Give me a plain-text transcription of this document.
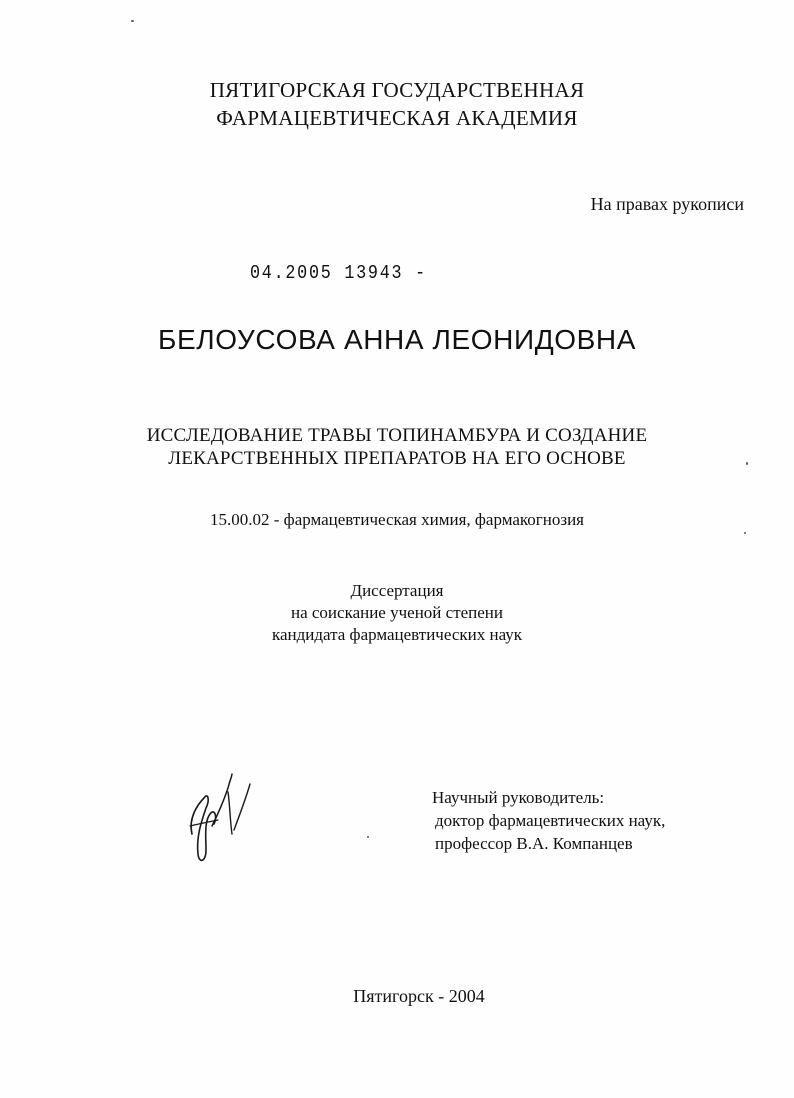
ПЯТИГОРСКАЯ ГОСУДАРСТВЕННАЯ
ФАРМАЦЕВТИЧЕСКАЯ АКАДЕМИЯ
На правах рукописи
04.2005 13943 -
БЕЛОУСОВА АННА ЛЕОНИДОВНА
ИССЛЕДОВАНИЕ ТРАВЫ ТОПИНАМБУРА И СОЗДАНИЕ
ЛЕКАРСТВЕННЫХ ПРЕПАРАТОВ НА ЕГО ОСНОВЕ
15.00.02 - фармацевтическая химия, фармакогнозия
Диссертация
на соискание ученой степени
кандидата фармацевтических наук
Научный руководитель:
доктор фармацевтических наук,
профессор В.А. Компанцев
Пятигорск - 2004
